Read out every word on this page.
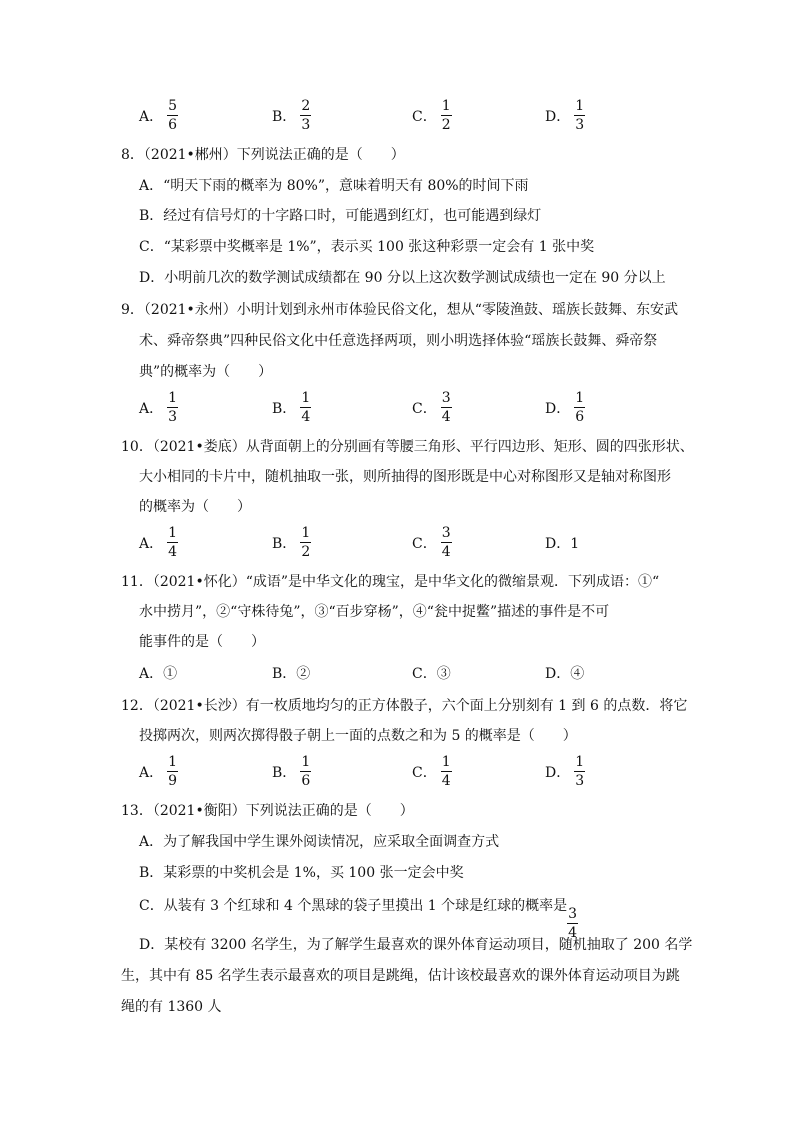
A． $\frac{5}{6}$	B． $\frac{2}{3}$	C． $\frac{1}{2}$	D． $\frac{1}{3}$
8．（2021•郴州）下列说法正确的是（　　）
A．“明天下雨的概率为 80%”，意味着明天有 80%的时间下雨
B．经过有信号灯的十字路口时，可能遇到红灯，也可能遇到绿灯
C．“某彩票中奖概率是 1%”，表示买 100 张这种彩票一定会有 1 张中奖
D．小明前几次的数学测试成绩都在 90 分以上这次数学测试成绩也一定在 90 分以上
9．（2021•永州）小明计划到永州市体验民俗文化，想从“零陵渔鼓、瑶族长鼓舞、东安武
术、舜帝祭典”四种民俗文化中任意选择两项，则小明选择体验“瑶族长鼓舞、舜帝祭
典”的概率为（　　）
A． $\frac{1}{3}$	B． $\frac{1}{4}$	C． $\frac{3}{4}$	D． $\frac{1}{6}$
10．（2021•娄底）从背面朝上的分别画有等腰三角形、平行四边形、矩形、圆的四张形状、
大小相同的卡片中，随机抽取一张，则所抽得的图形既是中心对称图形又是轴对称图形
的概率为（　　）
A． $\frac{1}{4}$	B． $\frac{1}{2}$	C． $\frac{3}{4}$	D．1
11．（2021•怀化）“成语”是中华文化的瑰宝，是中华文化的微缩景观．下列成语：①“
水中捞月”，②“守株待兔”，③“百步穿杨”，④“瓮中捉鳖”描述的事件是不可
能事件的是（　　）
A．①	B．②	C．③	D．④
12．（2021•长沙）有一枚质地均匀的正方体骰子，六个面上分别刻有 1 到 6 的点数．将它
投掷两次，则两次掷得骰子朝上一面的点数之和为 5 的概率是（　　）
A． $\frac{1}{9}$	B． $\frac{1}{6}$	C． $\frac{1}{4}$	D． $\frac{1}{3}$
13．（2021•衡阳）下列说法正确的是（　　）
A．为了解我国中学生课外阅读情况，应采取全面调查方式
B．某彩票的中奖机会是 1%，买 100 张一定会中奖
C．从装有 3 个红球和 4 个黑球的袋子里摸出 1 个球是红球的概率是
$\frac{3}{4}$
D．某校有 3200 名学生，为了解学生最喜欢的课外体育运动项目，随机抽取了 200 名学
生，其中有 85 名学生表示最喜欢的项目是跳绳，估计该校最喜欢的课外体育运动项目为跳
绳的有 1360 人
